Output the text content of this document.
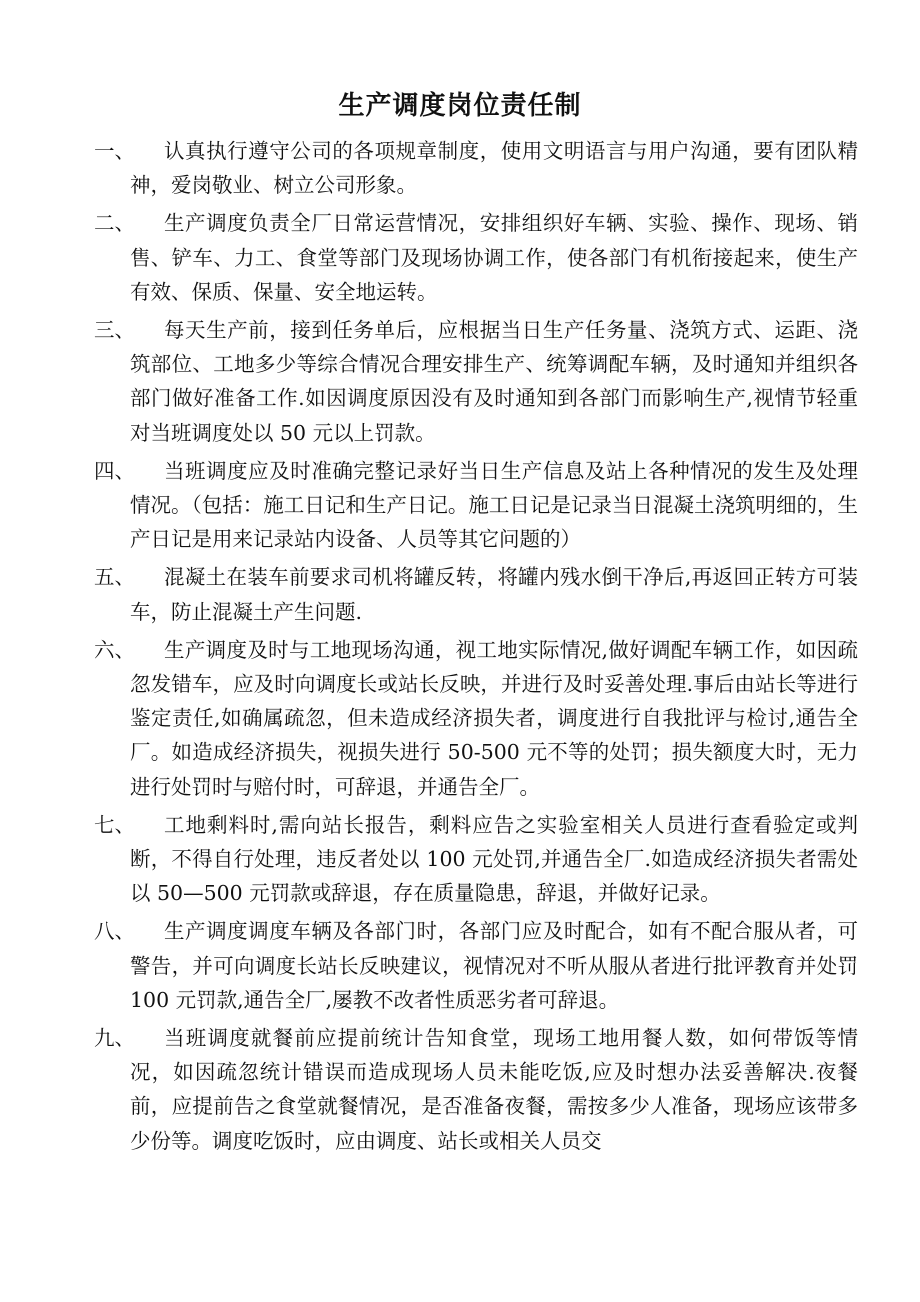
生产调度岗位责任制
一、	认真执行遵守公司的各项规章制度，使用文明语言与用户沟通，要有团队精神，爱岗敬业、树立公司形象。
二、	生产调度负责全厂日常运营情况，安排组织好车辆、实验、操作、现场、销售、铲车、力工、食堂等部门及现场协调工作，使各部门有机衔接起来，使生产有效、保质、保量、安全地运转。
三、	每天生产前，接到任务单后，应根据当日生产任务量、浇筑方式、运距、浇筑部位、工地多少等综合情况合理安排生产、统筹调配车辆，及时通知并组织各部门做好准备工作.如因调度原因没有及时通知到各部门而影响生产,视情节轻重对当班调度处以 50 元以上罚款。
四、	当班调度应及时准确完整记录好当日生产信息及站上各种情况的发生及处理情况。（包括：施工日记和生产日记。施工日记是记录当日混凝土浇筑明细的，生产日记是用来记录站内设备、人员等其它问题的）
五、	混凝土在装车前要求司机将罐反转，将罐内残水倒干净后,再返回正转方可装车，防止混凝土产生问题.
六、	生产调度及时与工地现场沟通，视工地实际情况,做好调配车辆工作，如因疏忽发错车，应及时向调度长或站长反映，并进行及时妥善处理.事后由站长等进行鉴定责任,如确属疏忽，但未造成经济损失者，调度进行自我批评与检讨,通告全厂。如造成经济损失，视损失进行 50-500 元不等的处罚；损失额度大时，无力进行处罚时与赔付时，可辞退，并通告全厂。
七、	工地剩料时,需向站长报告，剩料应告之实验室相关人员进行查看验定或判断，不得自行处理，违反者处以 100 元处罚,并通告全厂.如造成经济损失者需处以 50—500 元罚款或辞退，存在质量隐患，辞退，并做好记录。
八、	生产调度调度车辆及各部门时，各部门应及时配合，如有不配合服从者，可警告，并可向调度长站长反映建议，视情况对不听从服从者进行批评教育并处罚 100 元罚款,通告全厂,屡教不改者性质恶劣者可辞退。
九、	当班调度就餐前应提前统计告知食堂，现场工地用餐人数，如何带饭等情况，如因疏忽统计错误而造成现场人员未能吃饭,应及时想办法妥善解决.夜餐前，应提前告之食堂就餐情况，是否准备夜餐，需按多少人准备，现场应该带多少份等。调度吃饭时，应由调度、站长或相关人员交
